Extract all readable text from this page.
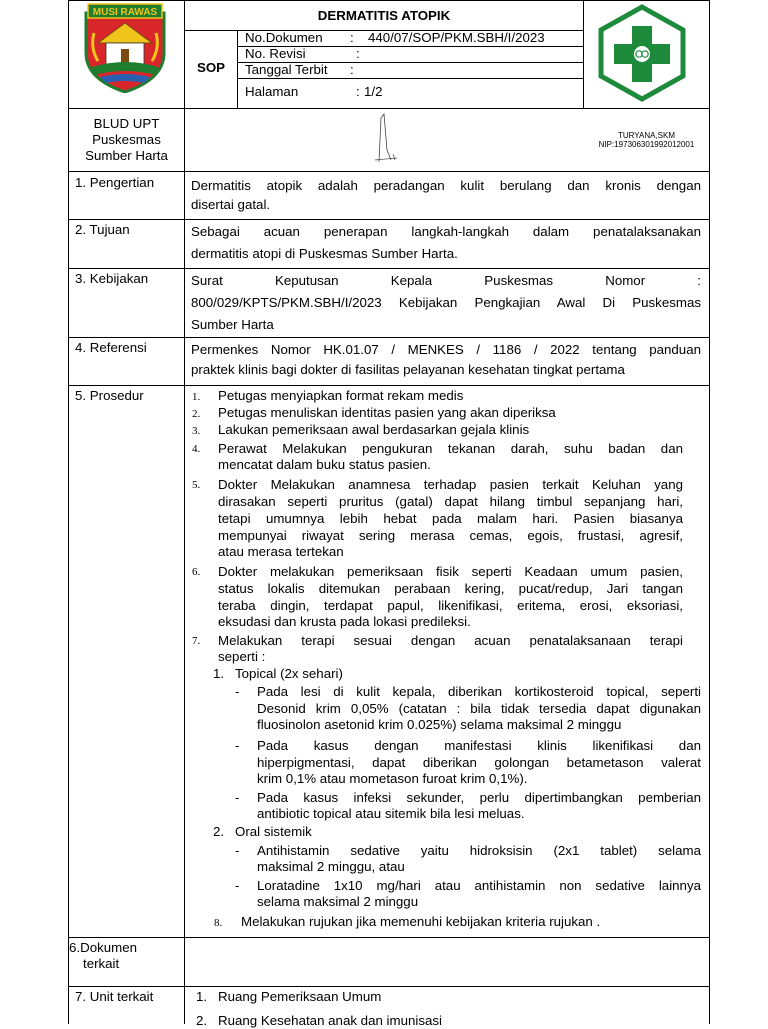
MUSI RAWAS	DERMATITIS ATOPIK
SOP
No.Dokumen : 440/07/SOP/PKM.SBH/I/2023
No. Revisi	:
Tanggal Terbit :
Halaman	: 1/2
BLUD UPT
Puskesmas
Sumber Harta
TURYANA,SKM
NIP:197306301992012001
1. Pengertian	Dermatitis atopik adalah peradangan kulit berulang dan kronis dengan
disertai gatal.
2. Tujuan	Sebagai acuan penerapan langkah-langkah dalam penatalaksanakan
dermatitis atopi di Puskesmas Sumber Harta.
3. Kebijakan	Surat Keputusan Kepala Puskesmas Nomor :
800/029/KPTS/PKM.SBH/I/2023 Kebijakan Pengkajian Awal Di Puskesmas
Sumber Harta
4. Referensi	Permenkes Nomor HK.01.07 / MENKES / 1186 / 2022 tentang panduan
praktek klinis bagi dokter di fasilitas pelayanan kesehatan tingkat pertama
5. Prosedur	1. Petugas menyiapkan format rekam medis
2. Petugas menuliskan identitas pasien yang akan diperiksa
3. Lakukan pemeriksaan awal berdasarkan gejala klinis
4. Perawat Melakukan pengukuran tekanan darah, suhu badan dan
mencatat dalam buku status pasien.
5. Dokter Melakukan anamnesa terhadap pasien terkait Keluhan yang
dirasakan seperti pruritus (gatal) dapat hilang timbul sepanjang hari,
tetapi umumnya lebih hebat pada malam hari. Pasien biasanya
mempunyai riwayat sering merasa cemas, egois, frustasi, agresif,
atau merasa tertekan
6. Dokter melakukan pemeriksaan fisik seperti Keadaan umum pasien,
status lokalis ditemukan perabaan kering, pucat/redup, Jari tangan
teraba dingin, terdapat papul, likenifikasi, eritema, erosi, eksoriasi,
eksudasi dan krusta pada lokasi predileksi.
7. Melakukan terapi sesuai dengan acuan penatalaksanaan terapi
seperti :
1. Topical (2x sehari)
- Pada lesi di kulit kepala, diberikan kortikosteroid topical, seperti
Desonid krim 0,05% (catatan : bila tidak tersedia dapat digunakan
fluosinolon asetonid krim 0.025%) selama maksimal 2 minggu
- Pada kasus dengan manifestasi klinis likenifikasi dan
hiperpigmentasi, dapat diberikan golongan betametason valerat
krim 0,1% atau mometason furoat krim 0,1%).
- Pada kasus infeksi sekunder, perlu dipertimbangkan pemberian
antibiotic topical atau sitemik bila lesi meluas.
2. Oral sistemik
- Antihistamin sedative yaitu hidroksisin (2x1 tablet) selama
maksimal 2 minggu, atau
- Loratadine 1x10 mg/hari atau antihistamin non sedative lainnya
selama maksimal 2 minggu
8. Melakukan rujukan jika memenuhi kebijakan kriteria rujukan .
6.Dokumen
terkait
7. Unit terkait	1. Ruang Pemeriksaan Umum
2. Ruang Kesehatan anak dan imunisasi
